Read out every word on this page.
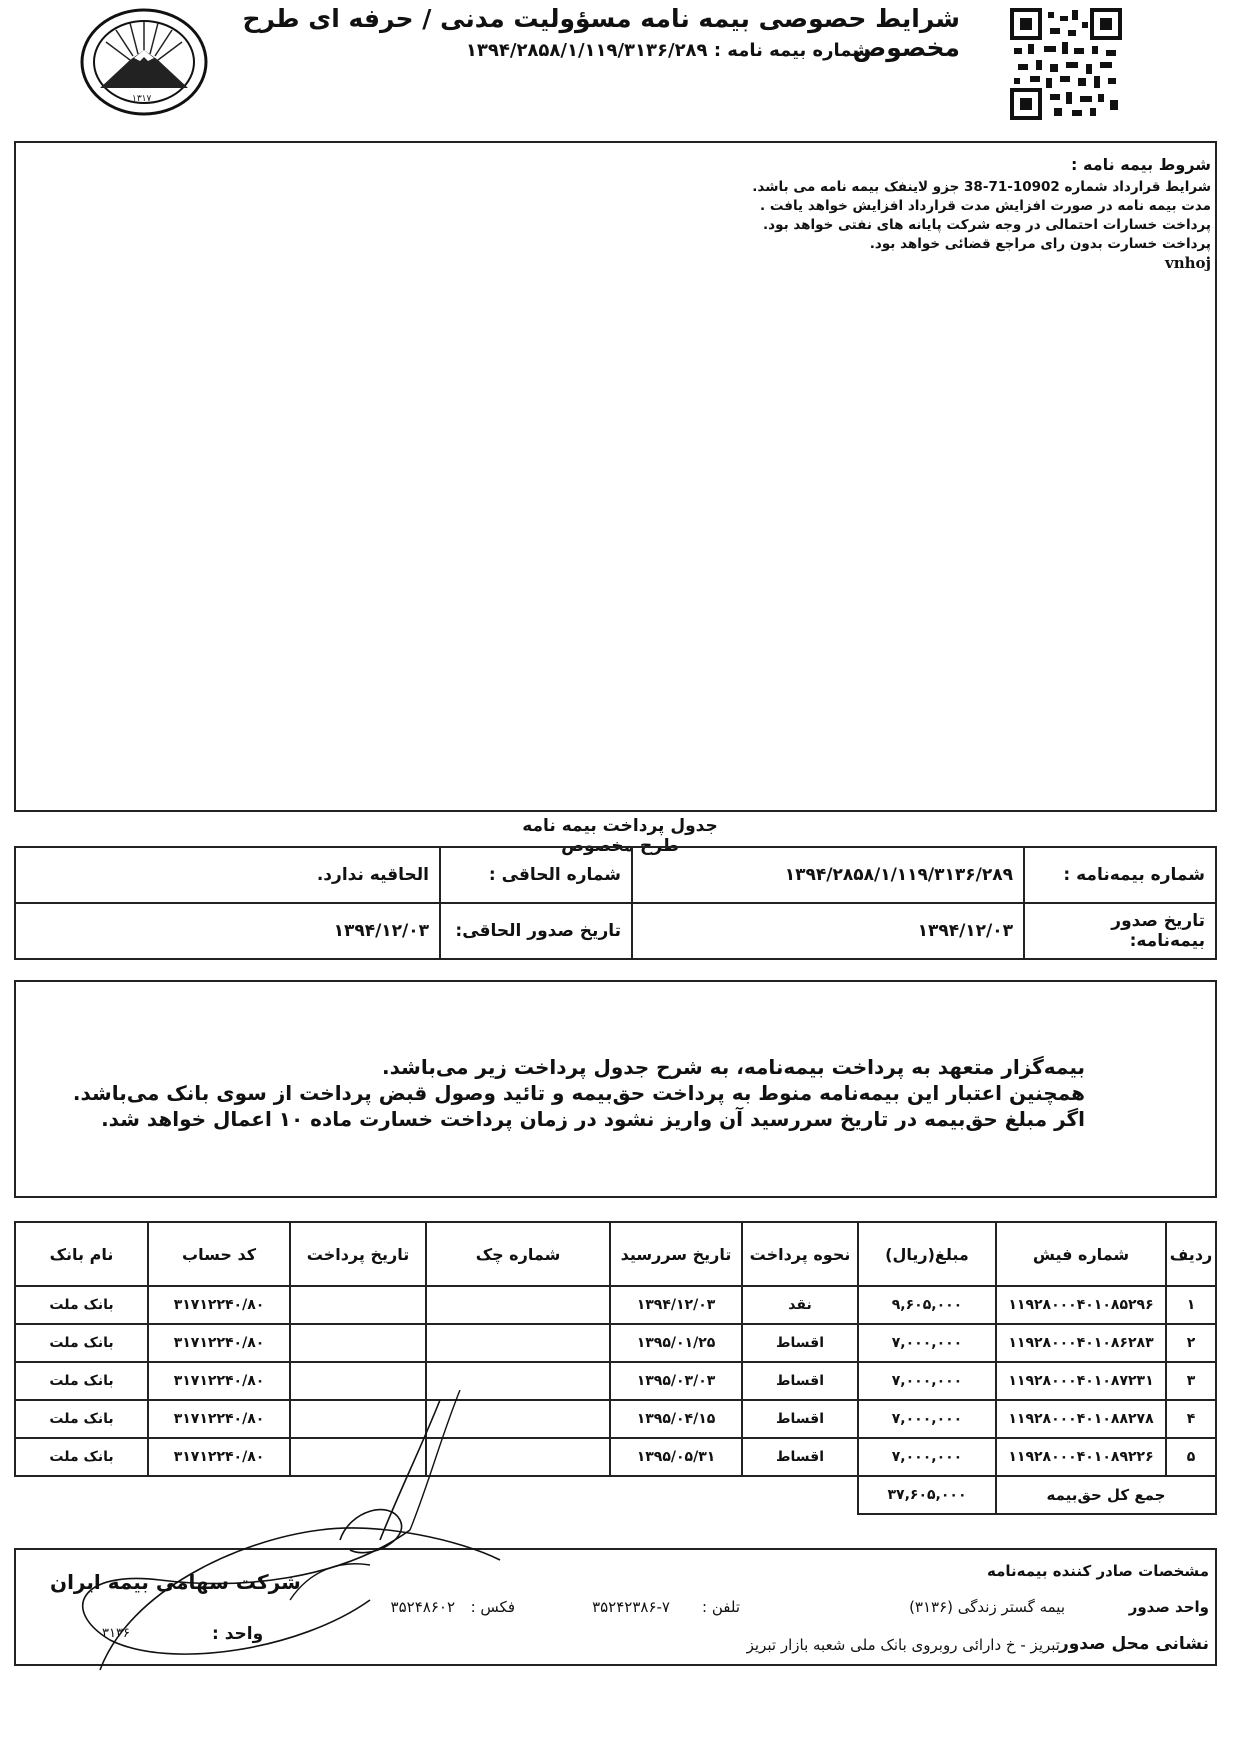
۱۳۱۷
شرایط حصوصی بیمه نامه مسؤولیت مدنی / حرفه ای طرح مخصوص
شماره بیمه نامه : ۱۳۹۴/۲۸۵۸/۱/۱۱۹/۳۱۳۶/۲۸۹
شروط بیمه نامه :

شرایط قرارداد شماره 10902-71-38 جزو لاینفک بیمه نامه می باشد.

مدت بیمه نامه در صورت افزایش مدت قرارداد افزایش خواهد یافت .

پرداخت خسارات احتمالی در وجه شرکت پایانه های نفتی خواهد بود.

پرداخت خسارت بدون رای مراجع قضائی خواهد بود.

vnhoj

جدول پرداخت بیمه نامه طرح مخصوص
شماره بیمه‌نامه :	۱۳۹۴/۲۸۵۸/۱/۱۱۹/۳۱۳۶/۲۸۹	شماره الحاقی :	الحاقیه ندارد.
تاریخ صدور بیمه‌نامه:	۱۳۹۴/۱۲/۰۳	تاریخ صدور الحاقی:	۱۳۹۴/۱۲/۰۳

بیمه‌گزار متعهد به پرداخت بیمه‌نامه، به شرح جدول پرداخت زیر می‌باشد.

همچنین اعتبار این بیمه‌نامه منوط به پرداخت حق‌بیمه و تائید وصول قبض پرداخت از سوی بانک می‌باشد.

اگر مبلغ حق‌بیمه در تاریخ سررسید آن واریز نشود در زمان پرداخت خسارت ماده ۱۰ اعمال خواهد شد.

ردیف	شماره فیش	مبلغ(ریال)	نحوه پرداخت	تاریخ سررسید	شماره چک	تاریخ پرداخت	کد حساب	نام بانک
۱	۱۱۹۲۸۰۰۰۴۰۱۰۸۵۲۹۶	۹,۶۰۵,۰۰۰	نقد	۱۳۹۴/۱۲/۰۳			۳۱۷۱۲۲۴۰/۸۰	بانک ملت
۲	۱۱۹۲۸۰۰۰۴۰۱۰۸۶۲۸۳	۷,۰۰۰,۰۰۰	اقساط	۱۳۹۵/۰۱/۲۵			۳۱۷۱۲۲۴۰/۸۰	بانک ملت
۳	۱۱۹۲۸۰۰۰۴۰۱۰۸۷۲۳۱	۷,۰۰۰,۰۰۰	اقساط	۱۳۹۵/۰۳/۰۳			۳۱۷۱۲۲۴۰/۸۰	بانک ملت
۴	۱۱۹۲۸۰۰۰۴۰۱۰۸۸۲۷۸	۷,۰۰۰,۰۰۰	اقساط	۱۳۹۵/۰۴/۱۵			۳۱۷۱۲۲۴۰/۸۰	بانک ملت
۵	۱۱۹۲۸۰۰۰۴۰۱۰۸۹۲۲۶	۷,۰۰۰,۰۰۰	اقساط	۱۳۹۵/۰۵/۳۱			۳۱۷۱۲۲۴۰/۸۰	بانک ملت
جمع کل حق‌بیمه		۳۷,۶۰۵,۰۰۰						
مشخصات صادر کننده بیمه‌نامه
واحد صدور
بیمه گستر زندگی (۳۱۳۶)
تلفن :
۳۵۲۴۲۳۸۶-۷
فکس :
۳۵۲۴۸۶۰۲
نشانی محل صدور
تبریز - خ دارائی روبروی بانک ملی شعبه بازار تبریز
شرکت سهامی بیمه ایران
واحد :
۳۱۳۶
